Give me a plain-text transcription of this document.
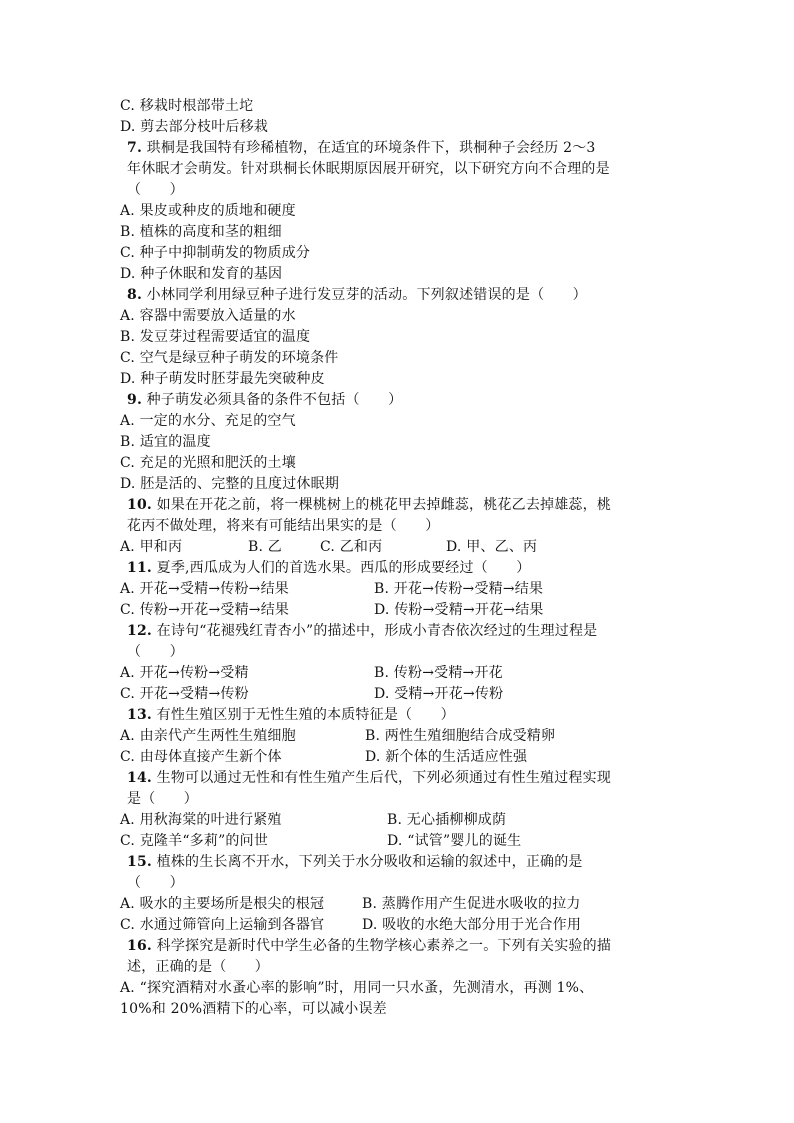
C. 移栽时根部带土坨
D. 剪去部分枝叶后移栽
7. 珙桐是我国特有珍稀植物，在适宜的环境条件下，珙桐种子会经历 2～3
年休眠才会萌发。针对珙桐长休眠期原因展开研究，以下研究方向不合理的是
（　　）
A. 果皮或种皮的质地和硬度
B. 植株的高度和茎的粗细
C. 种子中抑制萌发的物质成分
D. 种子休眠和发育的基因
8. 小林同学利用绿豆种子进行发豆芽的活动。下列叙述错误的是（　　）
A. 容器中需要放入适量的水
B. 发豆芽过程需要适宜的温度
C. 空气是绿豆种子萌发的环境条件
D. 种子萌发时胚芽最先突破种皮
9. 种子萌发必须具备的条件不包括（　　）
A. 一定的水分、充足的空气
B. 适宜的温度
C. 充足的光照和肥沃的土壤
D. 胚是活的、完整的且度过休眠期
10. 如果在开花之前，将一棵桃树上的桃花甲去掉雌蕊，桃花乙去掉雄蕊，桃
花丙不做处理，将来有可能结出果实的是（　　）
A. 甲和丙	B. 乙	C. 乙和丙	D. 甲、乙、丙
11. 夏季,西瓜成为人们的首选水果。西瓜的形成要经过（　　）
A. 开花→受精→传粉→结果	B. 开花→传粉→受精→结果
C. 传粉→开花→受精→结果	D. 传粉→受精→开花→结果
12. 在诗句“花褪残红青杏小”的描述中，形成小青杏依次经过的生理过程是
（　　）
A. 开花→传粉→受精	B. 传粉→受精→开花
C. 开花→受精→传粉	D. 受精→开花→传粉
13. 有性生殖区别于无性生殖的本质特征是（　　）
A. 由亲代产生两性生殖细胞	B. 两性生殖细胞结合成受精卵
C. 由母体直接产生新个体	D. 新个体的生活适应性强
14. 生物可以通过无性和有性生殖产生后代，下列必须通过有性生殖过程实现
是（　　）
A. 用秋海棠的叶进行紧殖	B. 无心插柳柳成荫
C. 克隆羊“多莉”的问世	D. “试管”婴儿的诞生
15. 植株的生长离不开水，下列关于水分吸收和运输的叙述中，正确的是
（　　）
A. 吸水的主要场所是根尖的根冠	B. 蒸腾作用产生促进水吸收的拉力
C. 水通过筛管向上运输到各器官	D. 吸收的水绝大部分用于光合作用
16. 科学探究是新时代中学生必备的生物学核心素养之一。下列有关实验的描
述，正确的是（　　）
A. “探究酒精对水蚤心率的影响”时，用同一只水蚤，先测清水，再测 1%、
10%和 20%酒精下的心率，可以减小误差
